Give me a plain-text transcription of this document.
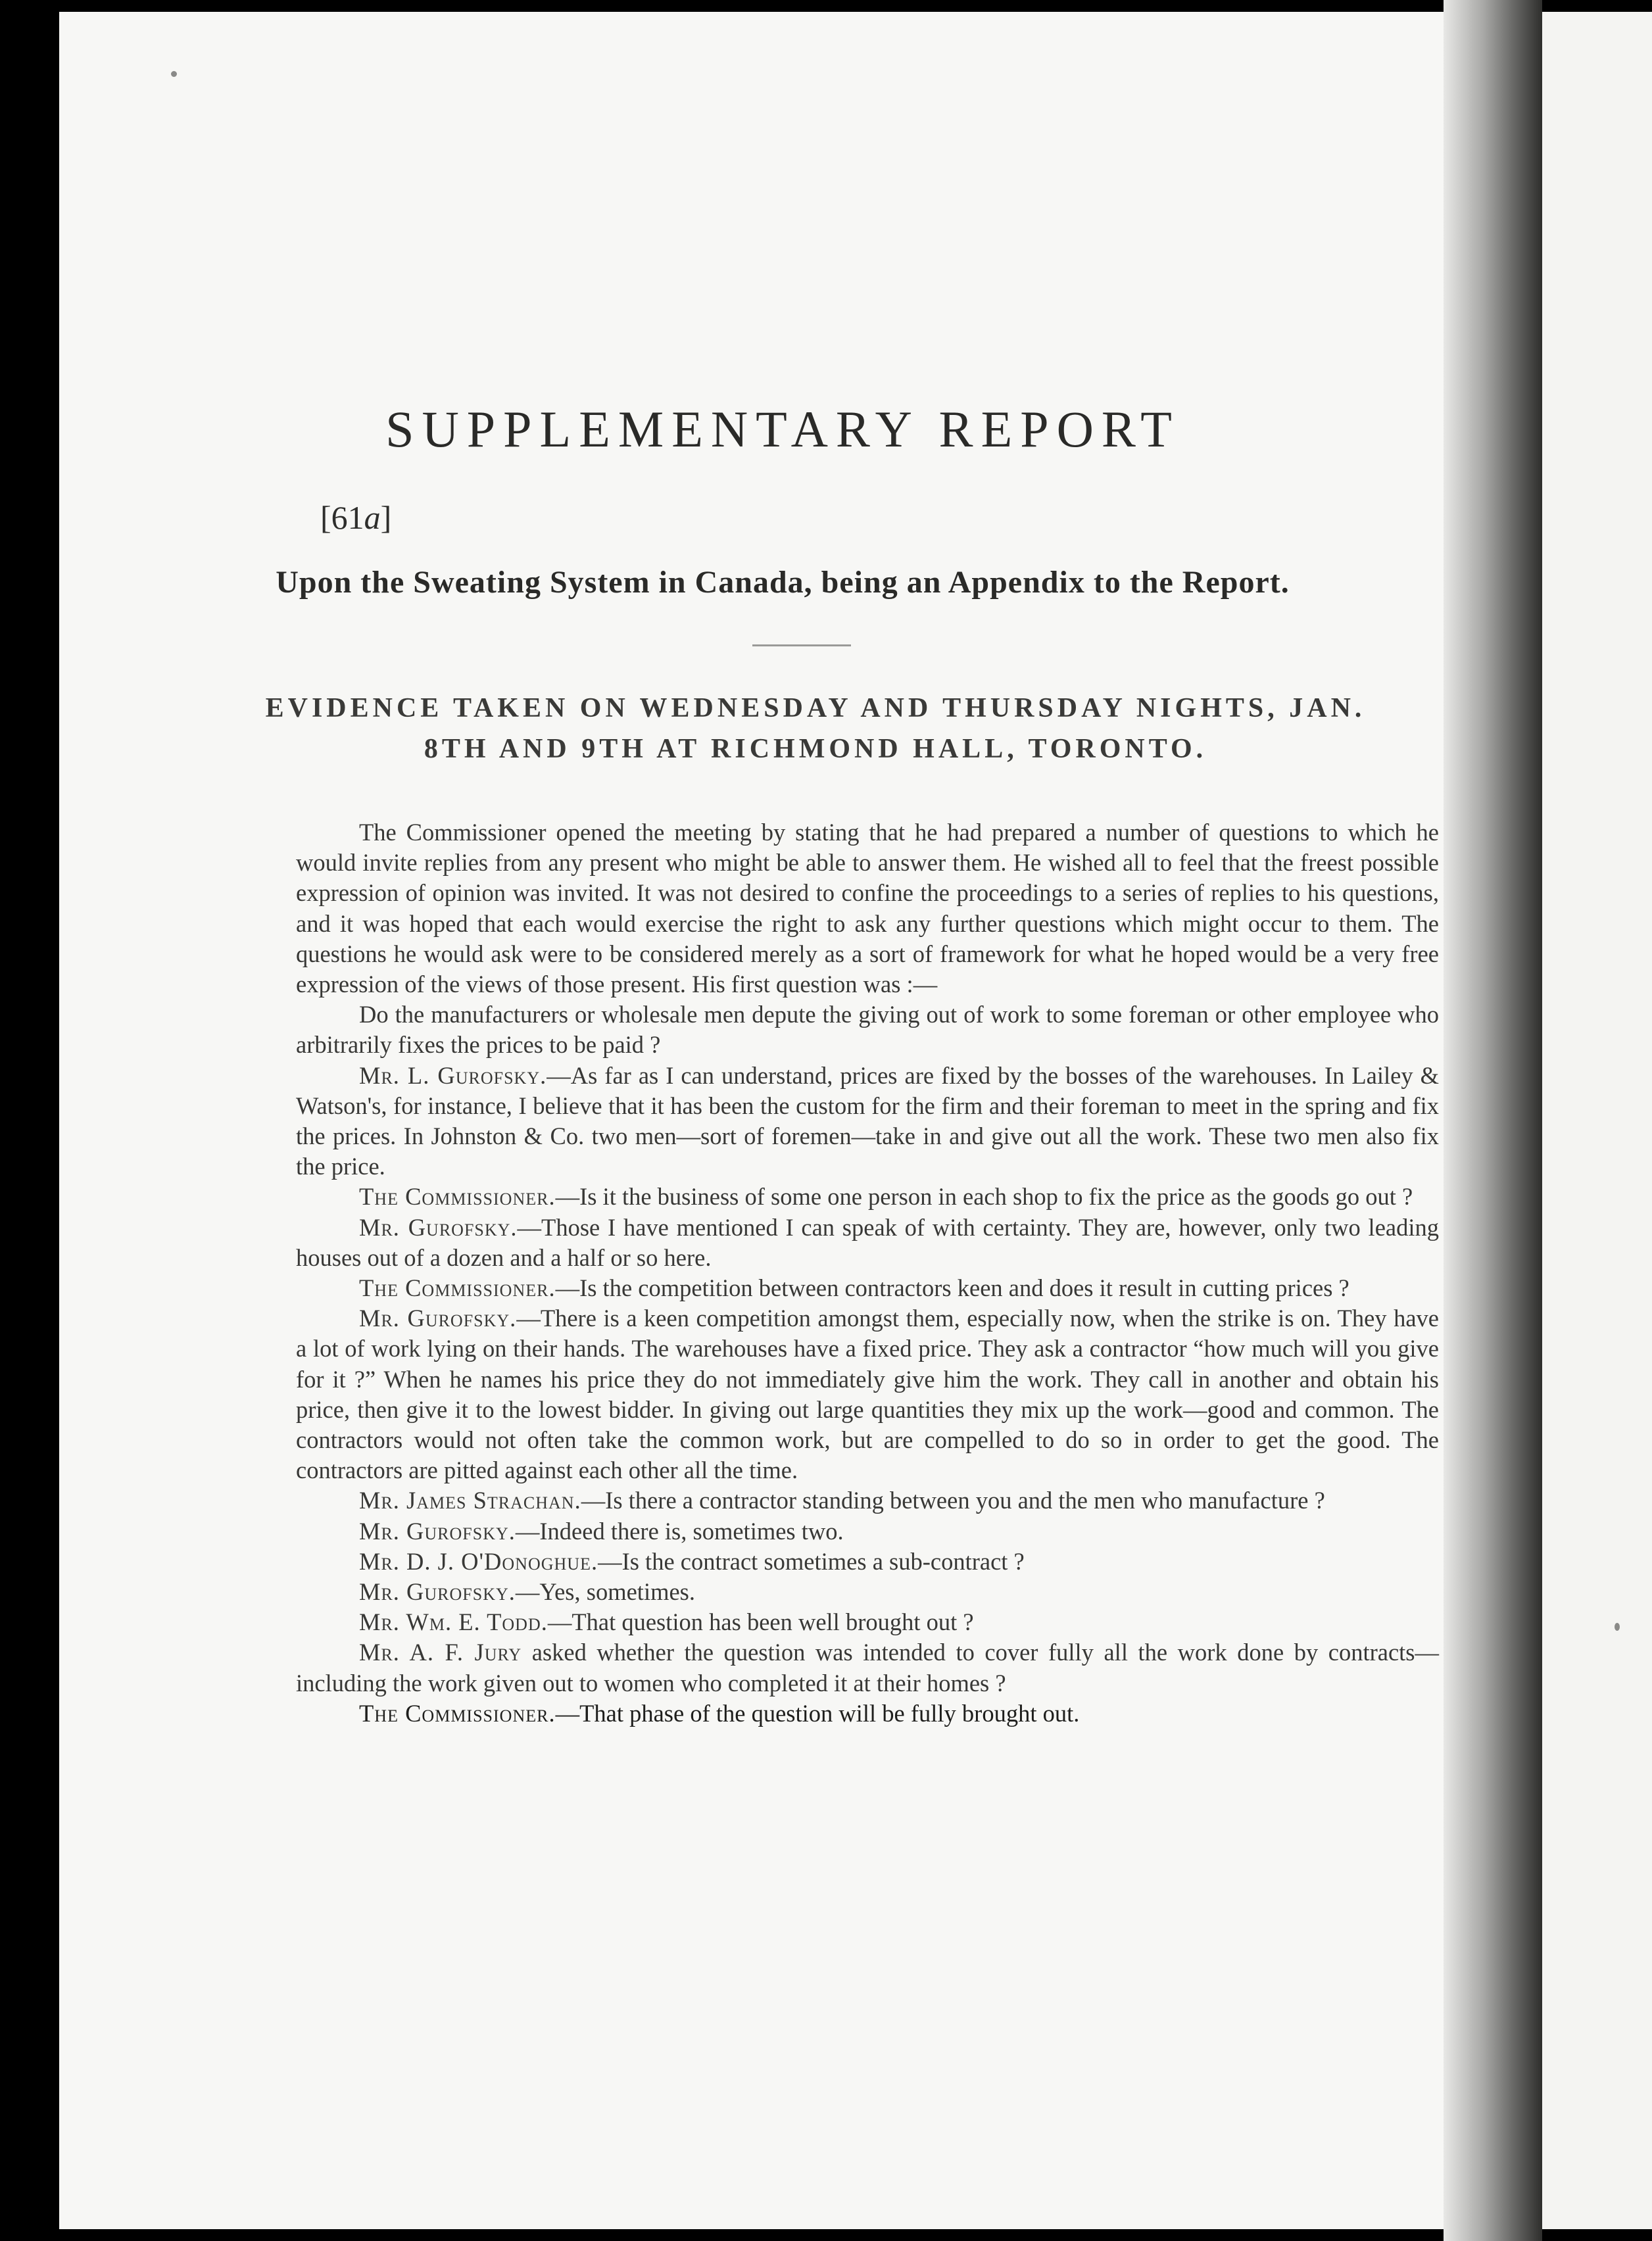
SUPPLEMENTARY REPORT
[61a]
Upon the Sweating System in Canada, being an Appendix to the Report.
EVIDENCE TAKEN ON WEDNESDAY AND THURSDAY NIGHTS, JAN.
8TH AND 9TH AT RICHMOND HALL, TORONTO.

The Commissioner opened the meeting by stating that he had prepared a number of questions to which he would invite replies from any present who might be able to answer them. He wished all to feel that the freest possible expression of opinion was invited. It was not desired to confine the proceedings to a series of replies to his questions, and it was hoped that each would exercise the right to ask any further questions which might occur to them. The questions he would ask were to be considered merely as a sort of framework for what he hoped would be a very free expression of the views of those present. His first question was :—

Do the manufacturers or wholesale men depute the giving out of work to some foreman or other employee who arbitrarily fixes the prices to be paid ?

Mr. L. Gurofsky.—As far as I can understand, prices are fixed by the bosses of the warehouses. In Lailey & Watson's, for instance, I believe that it has been the custom for the firm and their foreman to meet in the spring and fix the prices. In Johnston & Co. two men—sort of foremen—take in and give out all the work. These two men also fix the price.

The Commissioner.—Is it the business of some one person in each shop to fix the price as the goods go out ?

Mr. Gurofsky.—Those I have mentioned I can speak of with certainty. They are, however, only two leading houses out of a dozen and a half or so here.

The Commissioner.—Is the competition between contractors keen and does it result in cutting prices ?

Mr. Gurofsky.—There is a keen competition amongst them, especially now, when the strike is on. They have a lot of work lying on their hands. The warehouses have a fixed price. They ask a contractor “how much will you give for it ?” When he names his price they do not immediately give him the work. They call in another and obtain his price, then give it to the lowest bidder. In giving out large quantities they mix up the work—good and common. The contractors would not often take the common work, but are compelled to do so in order to get the good. The contractors are pitted against each other all the time.

Mr. James Strachan.—Is there a contractor standing between you and the men who manufacture ?

Mr. Gurofsky.—Indeed there is, sometimes two.

Mr. D. J. O'Donoghue.—Is the contract sometimes a sub-contract ?

Mr. Gurofsky.—Yes, sometimes.

Mr. Wm. E. Todd.—That question has been well brought out ?

Mr. A. F. Jury asked whether the question was intended to cover fully all the work done by contracts—including the work given out to women who completed it at their homes ?

The Commissioner.—That phase of the question will be fully brought out.
